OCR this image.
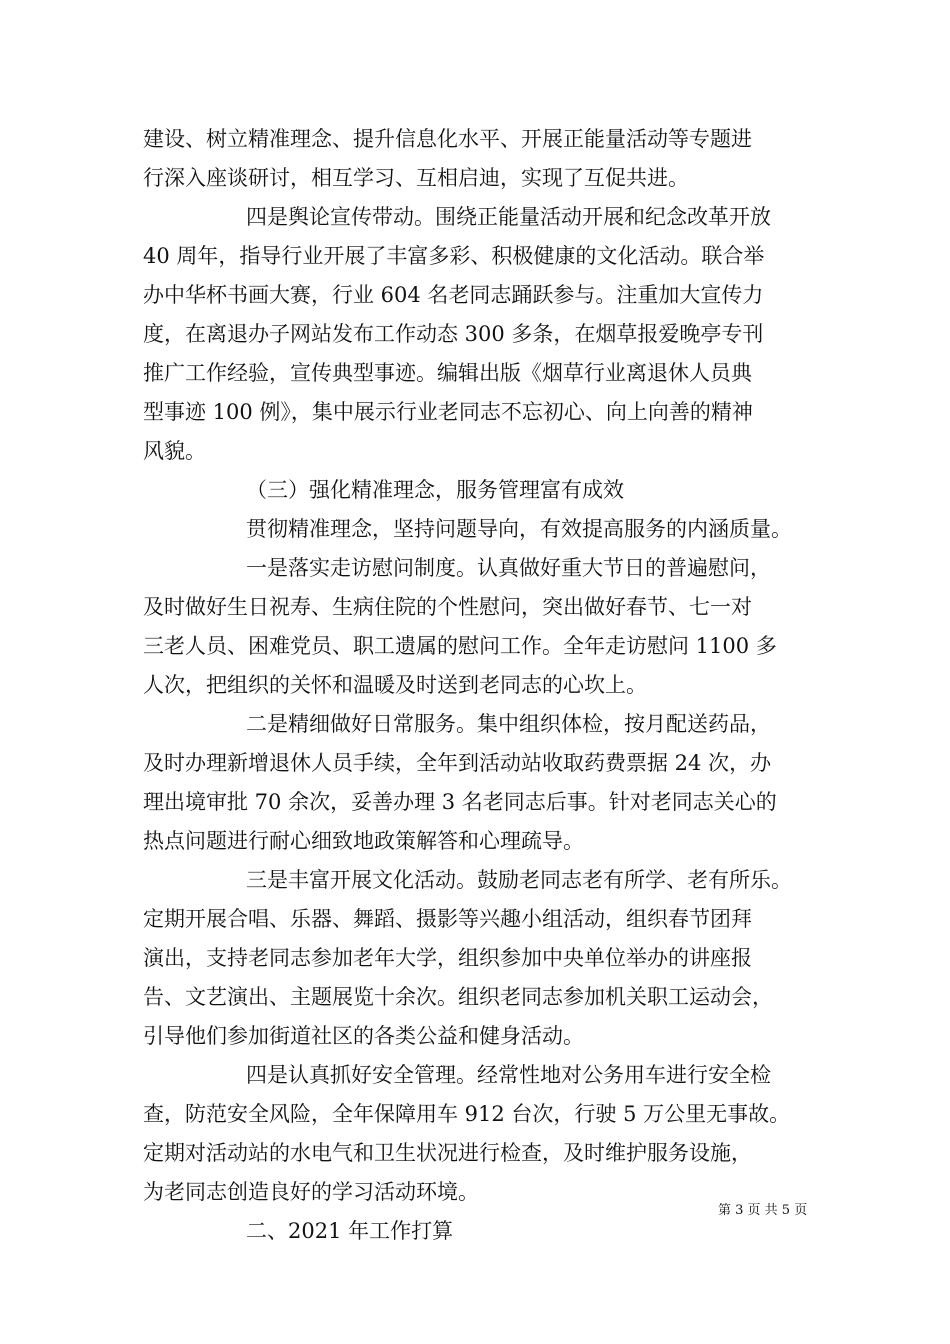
建设、树立精准理念、提升信息化水平、开展正能量活动等专题进
行深入座谈研讨，相互学习、互相启迪，实现了互促共进。
四是舆论宣传带动。围绕正能量活动开展和纪念改革开放
40 周年，指导行业开展了丰富多彩、积极健康的文化活动。联合举
办中华杯书画大赛，行业 604 名老同志踊跃参与。注重加大宣传力
度，在离退办子网站发布工作动态 300 多条，在烟草报爱晚亭专刊
推广工作经验，宣传典型事迹。编辑出版《烟草行业离退休人员典
型事迹 100 例》，集中展示行业老同志不忘初心、向上向善的精神
风貌。
（三）强化精准理念，服务管理富有成效
贯彻精准理念，坚持问题导向，有效提高服务的内涵质量。
一是落实走访慰问制度。认真做好重大节日的普遍慰问，
及时做好生日祝寿、生病住院的个性慰问，突出做好春节、七一对
三老人员、困难党员、职工遗属的慰问工作。全年走访慰问 1100 多
人次，把组织的关怀和温暖及时送到老同志的心坎上。
二是精细做好日常服务。集中组织体检，按月配送药品，
及时办理新增退休人员手续，全年到活动站收取药费票据 24 次，办
理出境审批 70 余次，妥善办理 3 名老同志后事。针对老同志关心的
热点问题进行耐心细致地政策解答和心理疏导。
三是丰富开展文化活动。鼓励老同志老有所学、老有所乐。
定期开展合唱、乐器、舞蹈、摄影等兴趣小组活动，组织春节团拜
演出，支持老同志参加老年大学，组织参加中央单位举办的讲座报
告、文艺演出、主题展览十余次。组织老同志参加机关职工运动会，
引导他们参加街道社区的各类公益和健身活动。
四是认真抓好安全管理。经常性地对公务用车进行安全检
查，防范安全风险，全年保障用车 912 台次，行驶 5 万公里无事故。
定期对活动站的水电气和卫生状况进行检查，及时维护服务设施，
为老同志创造良好的学习活动环境。
二、2021 年工作打算
第 3 页 共 5 页
